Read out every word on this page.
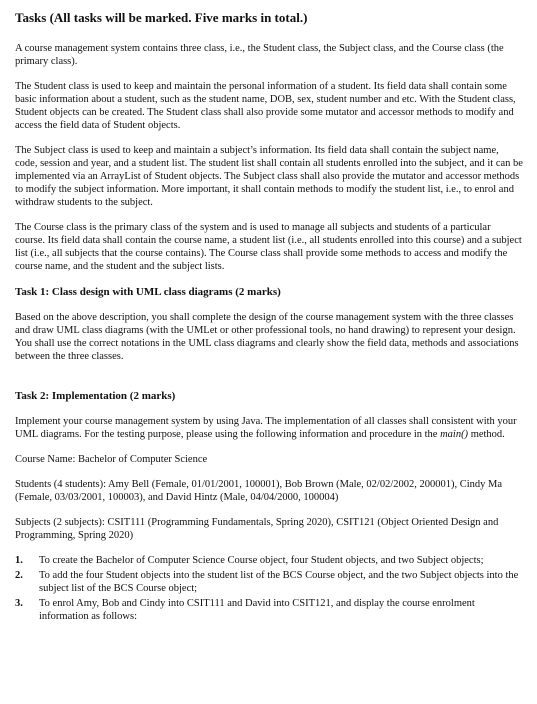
Tasks (All tasks will be marked. Five marks in total.)

A course management system contains three class, i.e., the Student class, the Subject class, and the Course class (the primary class).

The Student class is used to keep and maintain the personal information of a student. Its field data shall contain some basic information about a student, such as the student name, DOB, sex, student number and etc. With the Student class, Student objects can be created. The Student class shall also provide some mutator and accessor methods to modify and access the field data of Student objects.

The Subject class is used to keep and maintain a subject’s information. Its field data shall contain the subject name, code, session and year, and a student list. The student list shall contain all students enrolled into the subject, and it can be implemented via an ArrayList of Student objects. The Subject class shall also provide the mutator and accessor methods to modify the subject information. More important, it shall contain methods to modify the student list, i.e., to enrol and withdraw students to the subject.

The Course class is the primary class of the system and is used to manage all subjects and students of a particular course. Its field data shall contain the course name, a student list (i.e., all students enrolled into this course) and a subject list (i.e., all subjects that the course contains). The Course class shall provide some methods to access and modify the course name, and the student and the subject lists.

Task 1: Class design with UML class diagrams (2 marks)

Based on the above description, you shall complete the design of the course management system with the three classes and draw UML class diagrams (with the UMLet or other professional tools, no hand drawing) to represent your design. You shall use the correct notations in the UML class diagrams and clearly show the field data, methods and associations between the three classes.

Task 2: Implementation (2 marks)

Implement your course management system by using Java. The implementation of all classes shall consistent with your UML diagrams. For the testing purpose, please using the following information and procedure in the main() method.

Course Name: Bachelor of Computer Science

Students (4 students): Amy Bell (Female, 01/01/2001, 100001), Bob Brown (Male, 02/02/2002, 200001), Cindy Ma (Female, 03/03/2001, 100003), and David Hintz (Male, 04/04/2000, 100004)

Subjects (2 subjects): CSIT111 (Programming Fundamentals, Spring 2020), CSIT121 (Object Oriented Design and Programming, Spring 2020)

1.	To create the Bachelor of Computer Science Course object, four Student objects, and two Subject objects;
2.	To add the four Student objects into the student list of the BCS Course object, and the two Subject objects into the subject list of the BCS Course object;
3.	To enrol Amy, Bob and Cindy into CSIT111 and David into CSIT121, and display the course enrolment information as follows:
